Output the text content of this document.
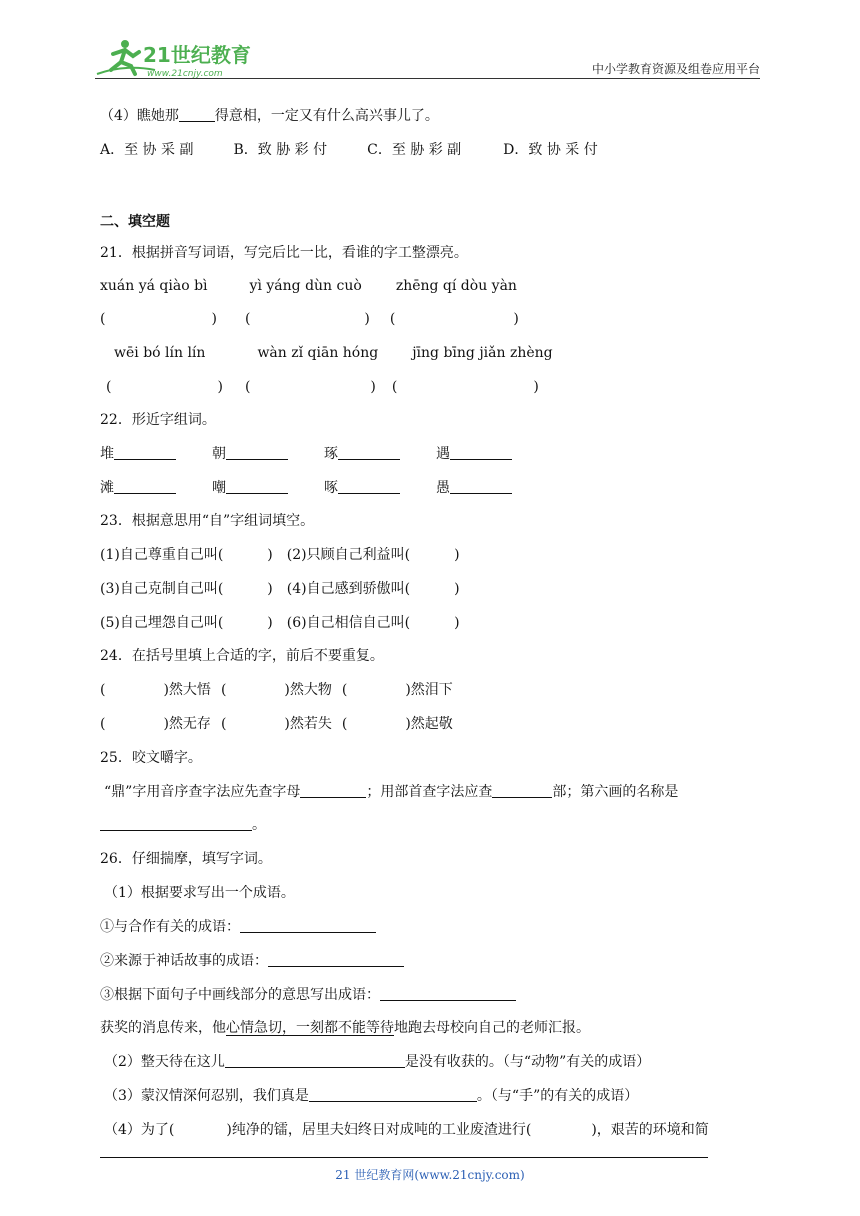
21世纪教育
www.21cnjy.com	中小学教育资源及组卷应用平台
（4）瞧她那	得意相，一定又有什么高兴事儿了。
A．至 协 采 副	B．致 胁 彩 付	C．至 胁 彩 副	D．致 协 采 付
二、填空题
21．根据拼音写词语，写完后比一比，看谁的字工整漂亮。
xuán yá qiào bì	yì yáng dùn cuò zhēng qí dòu yàn
(	) (	) (	)
wēi bó lín lín	wàn zǐ qiān hóng jīng bīng jiǎn zhèng
(	) (	) (	)
22．形近字组词。
堆	朝	琢	遇
滩	嘲	啄	愚
23．根据意思用“自”字组词填空。
(1)自己尊重自己叫(	) (2)只顾自己利益叫(	)
(3)自己克制自己叫(	) (4)自己感到骄傲叫(	)
(5)自己埋怨自己叫(	) (6)自己相信自己叫(	)
24．在括号里填上合适的字，前后不要重复。
(	)然大悟 (	)然大物 (	)然泪下
(	)然无存 (	)然若失 (	)然起敬
25．咬文嚼字。
“鼎”字用音序查字法应先查字母	；用部首查字法应查	部；第六画的名称是
。
26．仔细揣摩，填写字词。
（1）根据要求写出一个成语。
①与合作有关的成语：
②来源于神话故事的成语：
③根据下面句子中画线部分的意思写出成语：
获奖的消息传来，他心情急切，一刻都不能等待地跑去母校向自己的老师汇报。
（2）整天待在这儿	是没有收获的。（与“动物”有关的成语）
（3）蒙汉情深何忍别，我们真是	。（与“手”的有关的成语）
（4）为了(	)纯净的镭，居里夫妇终日对成吨的工业废渣进行(	)，艰苦的环境和简
21 世纪教育网(www.21cnjy.com)
